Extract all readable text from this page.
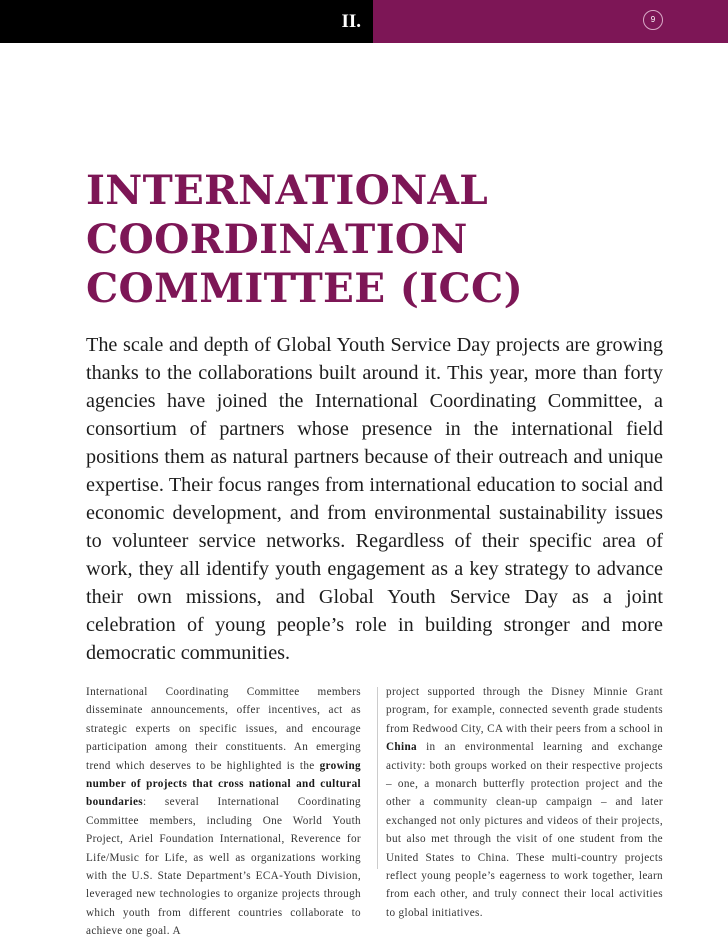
II.	9
INTERNATIONAL
COORDINATION
COMMITTEE (ICC)

The scale and depth of Global Youth Service Day projects are growing thanks to the collaborations built around it. This year, more than forty agencies have joined the International Coordinating Committee, a consortium of partners whose presence in the international field positions them as natural partners because of their outreach and unique expertise. Their focus ranges from international education to social and economic development, and from environmental sustainability issues to volunteer service networks. Regardless of their specific area of work, they all identify youth engagement as a key strategy to advance their own missions, and Global Youth Service Day as a joint celebration of young people’s role in building stronger and more democratic communities.

International Coordinating Committee members disseminate announcements, offer incentives, act as strategic experts on specific issues, and encourage participation among their constituents. An emerging trend which deserves to be highlighted is the growing number of projects that cross national and cultural boundaries: several International Coordinating Committee members, including One World Youth Project, Ariel Foundation International, Reverence for Life/Music for Life, as well as organizations working with the U.S. State Department’s ECA-Youth Division, leveraged new technologies to organize projects through which youth from different countries collaborate to achieve one goal. A

project supported through the Disney Minnie Grant program, for example, connected seventh grade students from Redwood City, CA with their peers from a school in China in an environmental learning and exchange activity: both groups worked on their respective projects – one, a monarch butterfly protection project and the other a community clean-up campaign – and later exchanged not only pictures and videos of their projects, but also met through the visit of one student from the United States to China. These multi-country projects reflect young people’s eagerness to work together, learn from each other, and truly connect their local activities to global initiatives.
